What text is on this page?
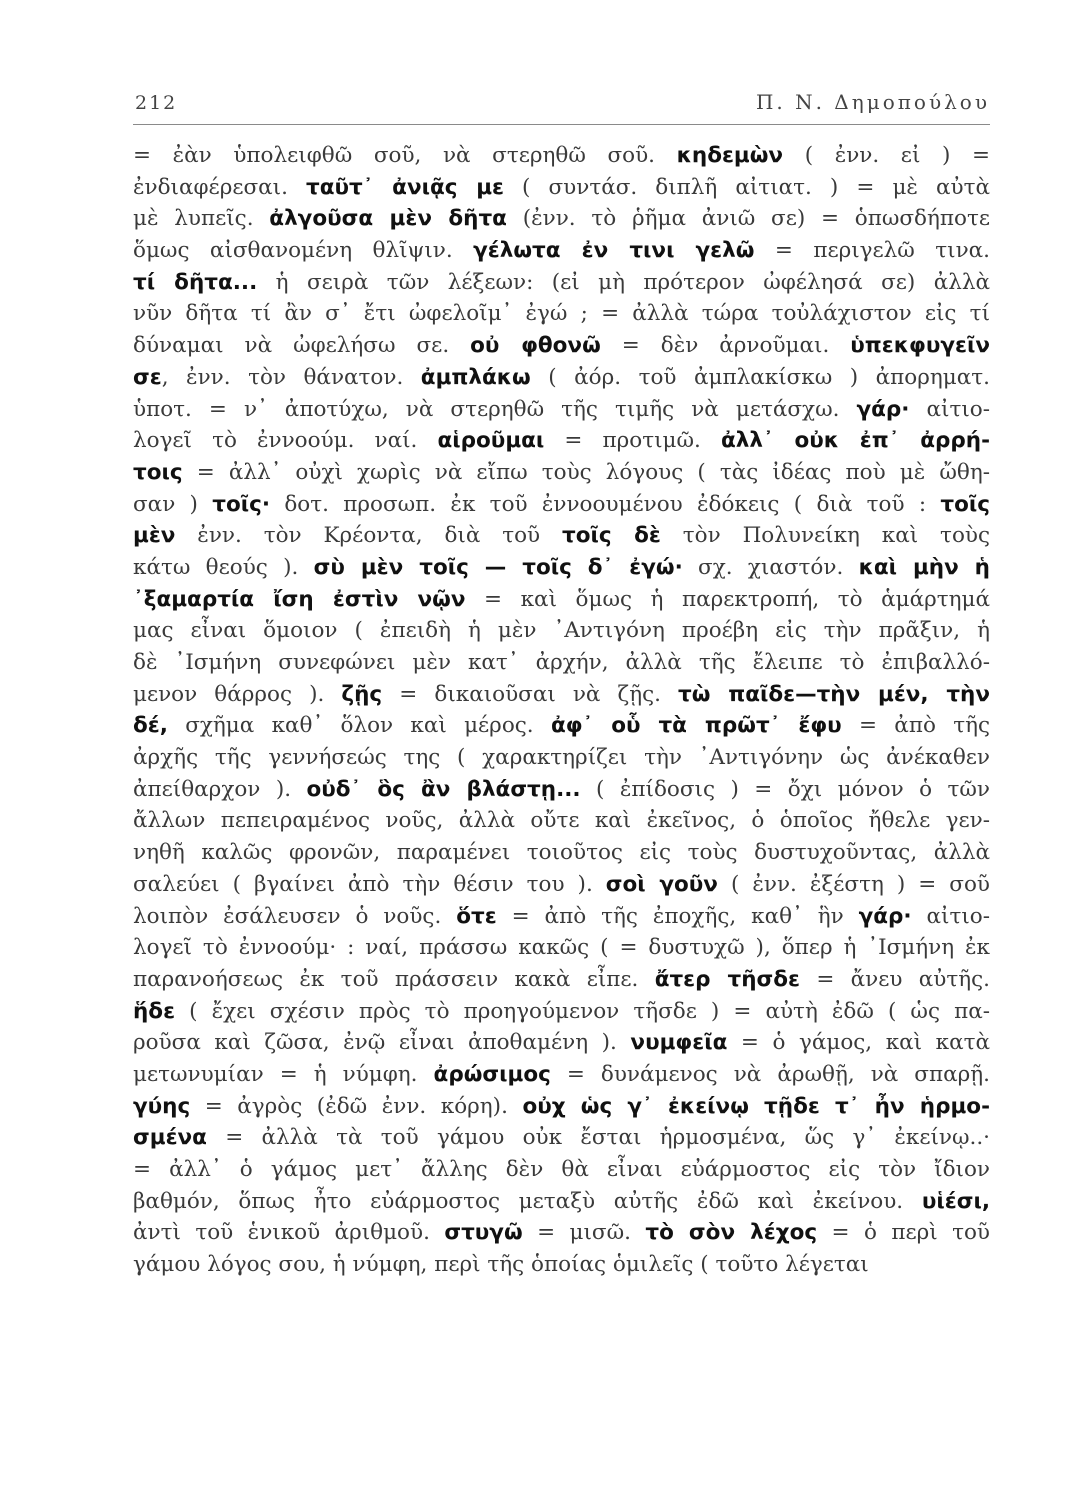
212	Π. Ν. Δημοπούλου
= ἐὰν ὑπολειφθῶ σοῦ, νὰ στερηθῶ σοῦ. κηδεμὼν ( ἐνν. εἰ ) =
ἐνδιαφέρεσαι. ταῦτ᾽ ἀνιᾷς με ( συντάσ. διπλῆ αἰτιατ. ) = μὲ αὐτὰ
μὲ λυπεῖς. ἀλγοῦσα μὲν δῆτα (ἐνν. τὸ ῥῆμα ἀνιῶ σε) = ὁπωσδήποτε
ὅμως αἰσθανομένη θλῖψιν. γέλωτα ἐν τινι γελῶ = περιγελῶ τινα.
τί δῆτα... ἡ σειρὰ τῶν λέξεων: (εἰ μὴ πρότερον ὠφέλησά σε) ἀλλὰ
νῦν δῆτα τί ἂν σ᾽ ἔτι ὠφελοῖμ᾽ ἐγώ ; = ἀλλὰ τώρα τοὐλάχιστον εἰς τί
δύναμαι νὰ ὠφελήσω σε. οὐ φθονῶ = δὲν ἀρνοῦμαι. ὑπεκφυγεῖν
σε, ἐνν. τὸν θάνατον. ἀμπλάκω ( ἀόρ. τοῦ ἀμπλακίσκω ) ἀπορηματ.
ὑποτ. = ν᾽ ἀποτύχω, νὰ στερηθῶ τῆς τιμῆς νὰ μετάσχω. γάρ· αἰτιο-
λογεῖ τὸ ἐννοούμ. ναί. αἱροῦμαι = προτιμῶ. ἀλλ᾽ οὐκ ἐπ᾽ ἀρρή-
τοις = ἀλλ᾽ οὐχὶ χωρὶς νὰ εἴπω τοὺς λόγους ( τὰς ἰδέας ποὺ μὲ ὤθη-
σαν ) τοῖς· δοτ. προσωπ. ἐκ τοῦ ἐννοουμένου ἐδόκεις ( διὰ τοῦ : τοῖς
μὲν ἐνν. τὸν Κρέοντα, διὰ τοῦ τοῖς δὲ τὸν Πολυνείκη καὶ τοὺς
κάτω θεούς ). σὺ μὲν τοῖς — τοῖς δ᾽ ἐγώ· σχ. χιαστόν. καὶ μὴν ἡ
᾽ξαμαρτία ἴση ἐστὶν νῷν = καὶ ὅμως ἡ παρεκτροπή, τὸ ἁμάρτημά
μας εἶναι ὅμοιον ( ἐπειδὴ ἡ μὲν ᾽Αντιγόνη προέβη εἰς τὴν πρᾶξιν, ἡ
δὲ ᾽Ισμήνη συνεφώνει μὲν κατ᾽ ἀρχήν, ἀλλὰ τῆς ἔλειπε τὸ ἐπιβαλλό-
μενον θάρρος ). ζῇς = δικαιοῦσαι νὰ ζῇς. τὼ παῖδε—τὴν μέν, τὴν
δέ, σχῆμα καθ᾽ ὅλον καὶ μέρος. ἀφ᾽ οὗ τὰ πρῶτ᾽ ἔφυ = ἀπὸ τῆς
ἀρχῆς τῆς γεννήσεώς της ( χαρακτηρίζει τὴν ᾽Αντιγόνην ὡς ἀνέκαθεν
ἀπείθαρχον ). οὐδ᾽ ὃς ἂν βλάστῃ... ( ἐπίδοσις ) = ὄχι μόνον ὁ τῶν
ἄλλων πεπειραμένος νοῦς, ἀλλὰ οὔτε καὶ ἐκεῖνος, ὁ ὁποῖος ἤθελε γεν-
νηθῆ καλῶς φρονῶν, παραμένει τοιοῦτος εἰς τοὺς δυστυχοῦντας, ἀλλὰ
σαλεύει ( βγαίνει ἀπὸ τὴν θέσιν του ). σοὶ γοῦν ( ἐνν. ἐξέστη ) = σοῦ
λοιπὸν ἐσάλευσεν ὁ νοῦς. ὅτε = ἀπὸ τῆς ἐποχῆς, καθ᾽ ἣν γάρ· αἰτιο-
λογεῖ τὸ ἐννοούμ· : ναί, πράσσω κακῶς ( = δυστυχῶ ), ὅπερ ἡ ᾽Ισμήνη ἐκ
παρανοήσεως ἐκ τοῦ πράσσειν κακὰ εἶπε. ἄτερ τῆσδε = ἄνευ αὐτῆς.
ἥδε ( ἔχει σχέσιν πρὸς τὸ προηγούμενον τῆσδε ) = αὐτὴ ἐδῶ ( ὡς πα-
ροῦσα καὶ ζῶσα, ἐνῷ εἶναι ἀποθαμένη ). νυμφεῖα = ὁ γάμος, καὶ κατὰ
μετωνυμίαν = ἡ νύμφη. ἀρώσιμος = δυνάμενος νὰ ἀρωθῇ, νὰ σπαρῇ.
γύης = ἀγρὸς (ἐδῶ ἐνν. κόρη). οὐχ ὡς γ᾽ ἐκείνῳ τῇδε τ᾽ ἦν ἡρμο-
σμένα = ἀλλὰ τὰ τοῦ γάμου οὐκ ἔσται ἡρμοσμένα, ὥς γ᾽ ἐκείνῳ..·
= ἀλλ᾽ ὁ γάμος μετ᾽ ἄλλης δὲν θὰ εἶναι εὐάρμοστος εἰς τὸν ἴδιον
βαθμόν, ὅπως ἦτο εὐάρμοστος μεταξὺ αὐτῆς ἐδῶ καὶ ἐκείνου. υἱέσι,
ἀντὶ τοῦ ἑνικοῦ ἀριθμοῦ. στυγῶ = μισῶ. τὸ σὸν λέχος = ὁ περὶ τοῦ
γάμου λόγος σου, ἡ νύμφη, περὶ τῆς ὁποίας ὁμιλεῖς ( τοῦτο λέγεται
